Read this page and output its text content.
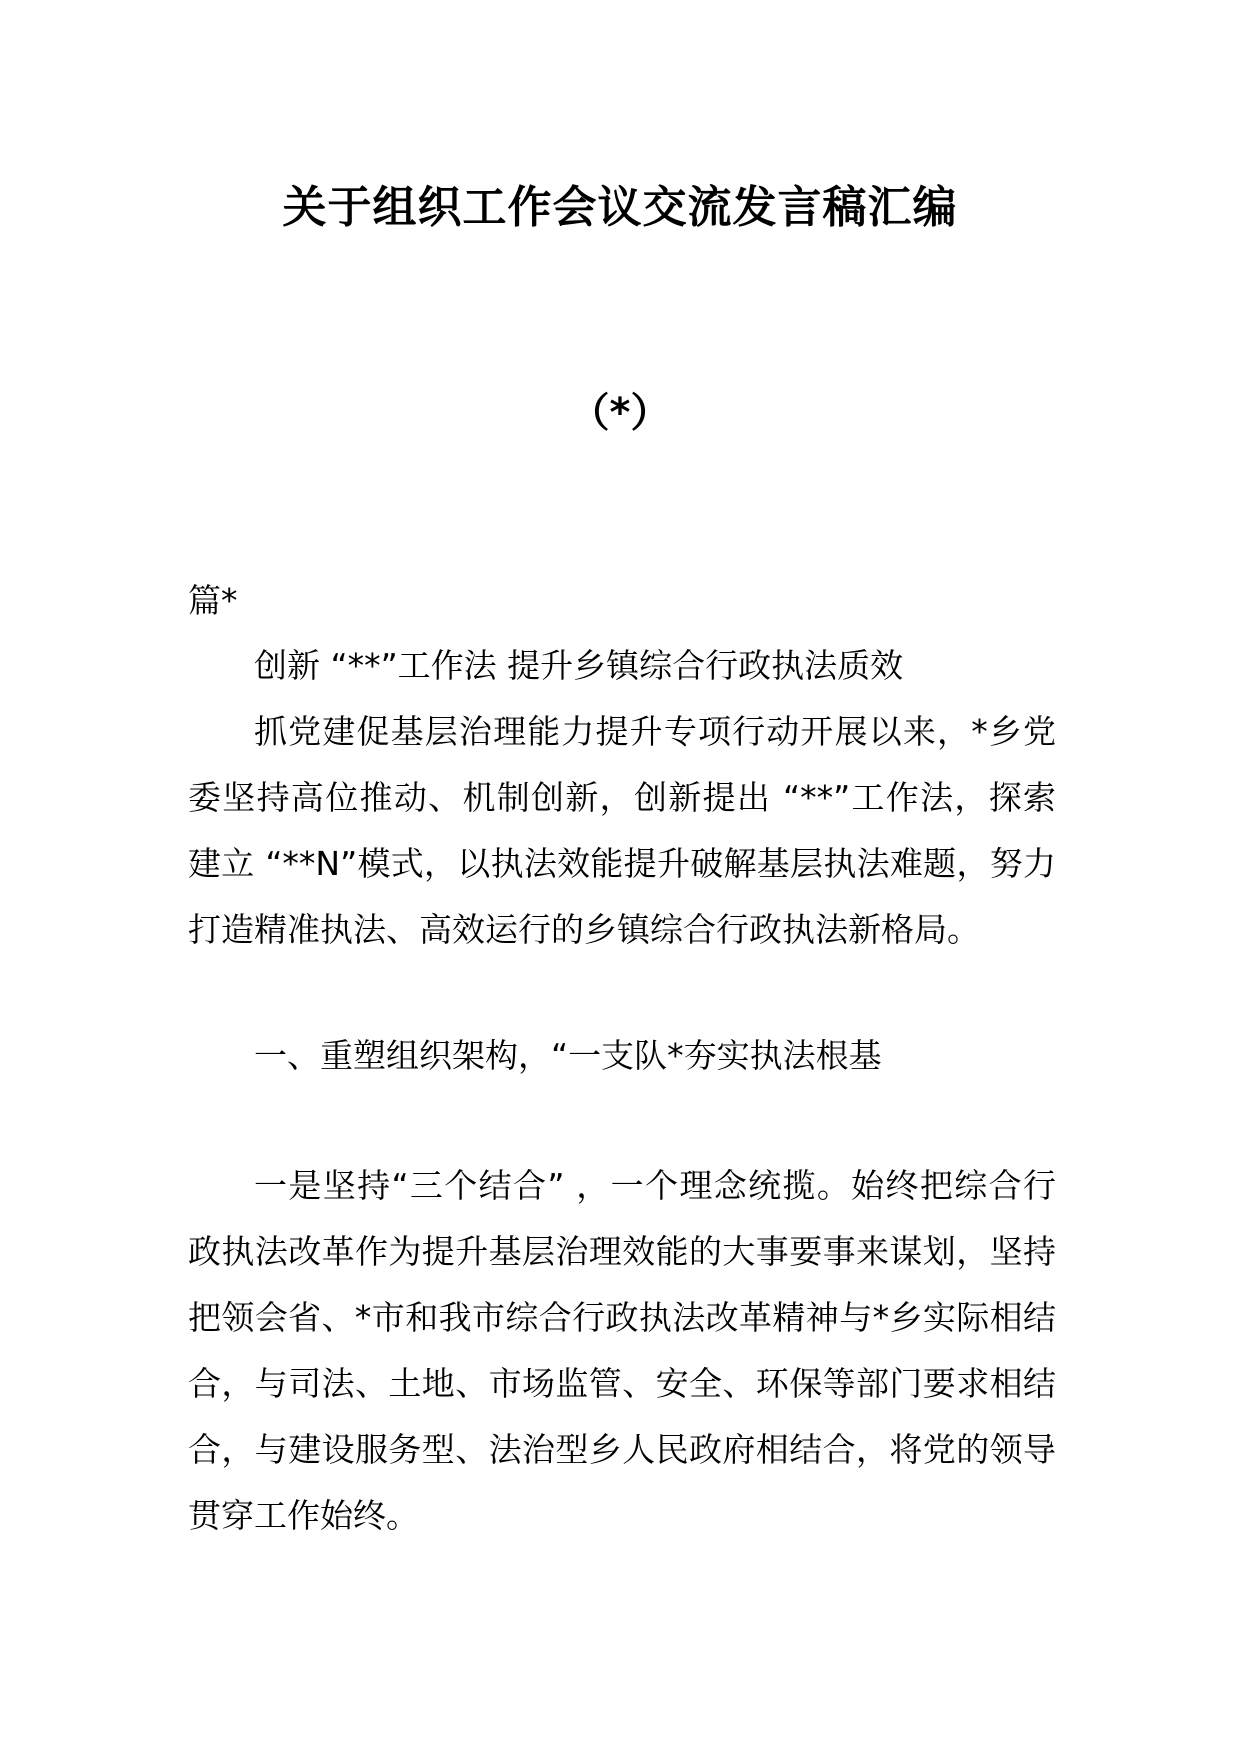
关于组织工作会议交流发言稿汇编
（*）

篇*

创新 “**”工作法 提升乡镇综合行政执法质效

抓党建促基层治理能力提升专项行动开展以来，*乡党委坚持高位推动、机制创新，创新提出 “**”工作法，探索建立 “**N”模式，以执法效能提升破解基层执法难题，努力打造精准执法、高效运行的乡镇综合行政执法新格局。

一、重塑组织架构，“一支队*夯实执法根基

一是坚持“三个结合” ，一个理念统揽。始终把综合行政执法改革作为提升基层治理效能的大事要事来谋划，坚持把领会省、*市和我市综合行政执法改革精神与*乡实际相结合，与司法、土地、市场监管、安全、环保等部门要求相结合，与建设服务型、法治型乡人民政府相结合，将党的领导贯穿工作始终。
